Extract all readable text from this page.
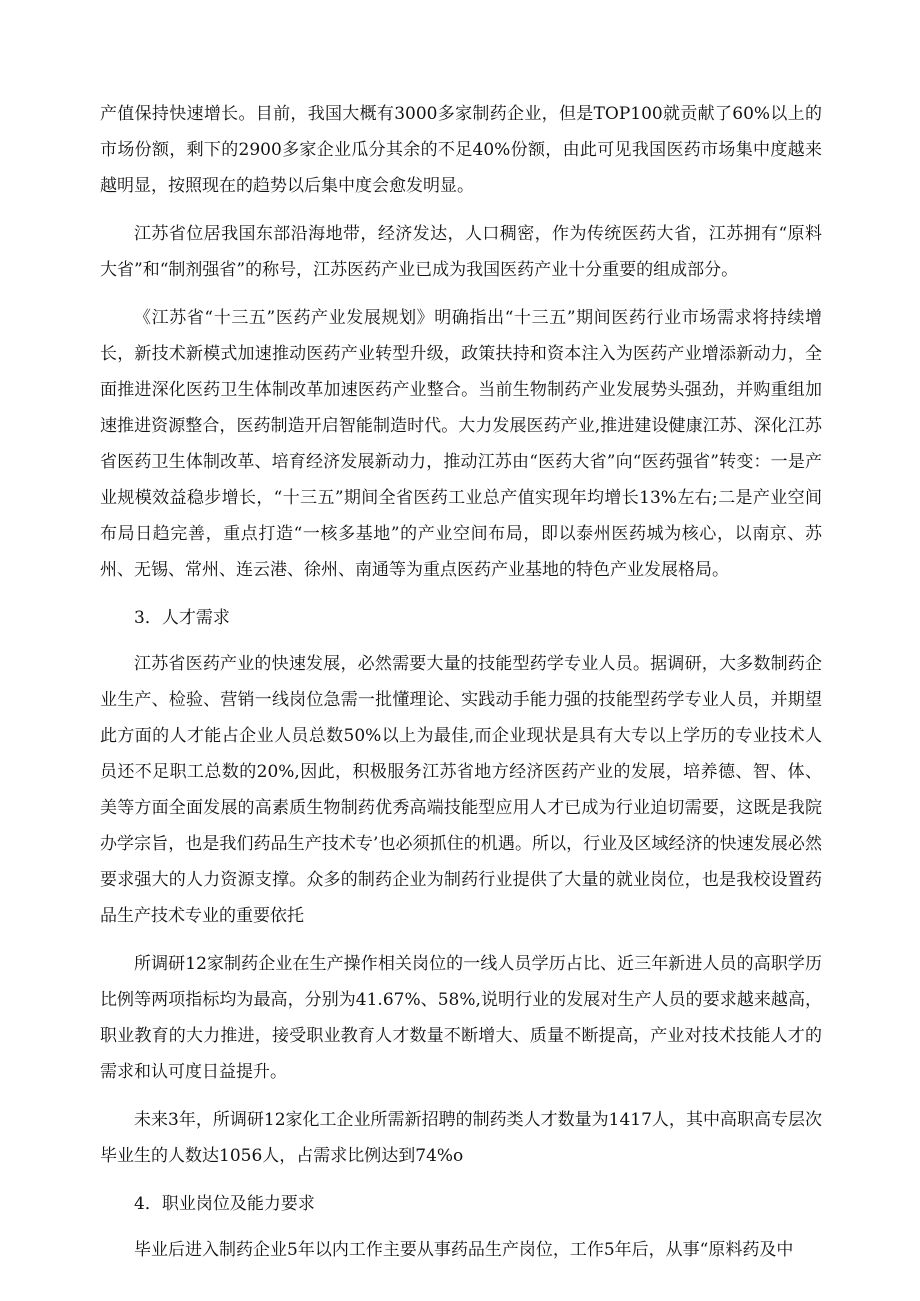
产值保持快速增长。目前，我国大概有3000多家制药企业，但是TOP100就贡献了60%以上的市场份额，剩下的2900多家企业瓜分其余的不足40%份额，由此可见我国医药市场集中度越来越明显，按照现在的趋势以后集中度会愈发明显。

江苏省位居我国东部沿海地带，经济发达，人口稠密，作为传统医药大省，江苏拥有“原料大省”和“制剂强省”的称号，江苏医药产业已成为我国医药产业十分重要的组成部分。

《江苏省“十三五”医药产业发展规划》明确指出“十三五”期间医药行业市场需求将持续增长，新技术新模式加速推动医药产业转型升级，政策扶持和资本注入为医药产业增添新动力，全面推进深化医药卫生体制改革加速医药产业整合。当前生物制药产业发展势头强劲，并购重组加速推进资源整合，医药制造开启智能制造时代。大力发展医药产业,推进建设健康江苏、深化江苏省医药卫生体制改革、培育经济发展新动力，推动江苏由“医药大省”向“医药强省”转变：一是产业规模效益稳步增长，“十三五”期间全省医药工业总产值实现年均增长13%左右;二是产业空间布局日趋完善，重点打造“一核多基地”的产业空间布局，即以泰州医药城为核心，以南京、苏州、无锡、常州、连云港、徐州、南通等为重点医药产业基地的特色产业发展格局。

3．人才需求

江苏省医药产业的快速发展，必然需要大量的技能型药学专业人员。据调研，大多数制药企业生产、检验、营销一线岗位急需一批懂理论、实践动手能力强的技能型药学专业人员，并期望此方面的人才能占企业人员总数50%以上为最佳,而企业现状是具有大专以上学历的专业技术人员还不足职工总数的20%,因此，积极服务江苏省地方经济医药产业的发展，培养德、智、体、美等方面全面发展的高素质生物制药优秀高端技能型应用人才已成为行业迫切需要，这既是我院办学宗旨，也是我们药品生产技术专’也必须抓住的机遇。所以，行业及区域经济的快速发展必然要求强大的人力资源支撑。众多的制药企业为制药行业提供了大量的就业岗位，也是我校设置药品生产技术专业的重要依托

所调研12家制药企业在生产操作相关岗位的一线人员学历占比、近三年新进人员的高职学历比例等两项指标均为最高，分别为41.67%、58%,说明行业的发展对生产人员的要求越来越高，职业教育的大力推进，接受职业教育人才数量不断增大、质量不断提高，产业对技术技能人才的需求和认可度日益提升。

未来3年，所调研12家化工企业所需新招聘的制药类人才数量为1417人，其中高职高专层次毕业生的人数达1056人，占需求比例达到74%o

4．职业岗位及能力要求

毕业后进入制药企业5年以内工作主要从事药品生产岗位，工作5年后，从事“原料药及中
